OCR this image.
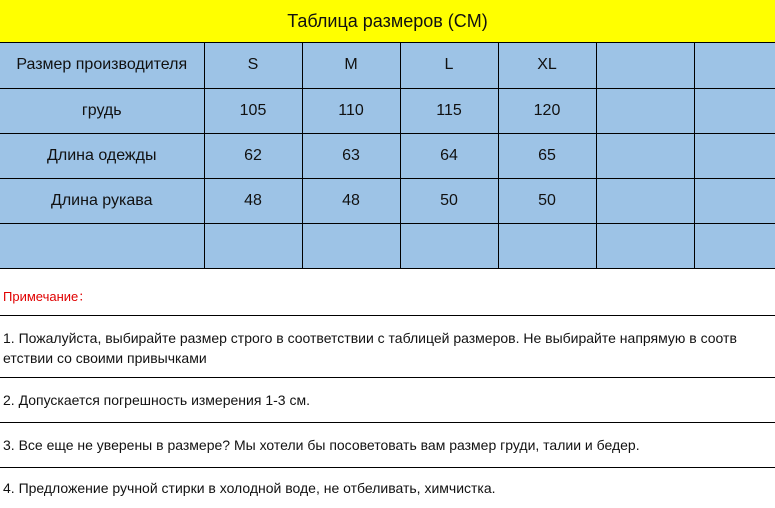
Таблица размеров (CM)
Размер производителя	S	M	L	XL		
грудь	105	110	115	120		
Длина одежды	62	63	64	65		
Длина рукава	48	48	50	50		

Примечание：
1. Пожалуйста, выбирайте размер строго в соответствии с таблицей размеров. Не выбирайте напрямую в соотв етствии со своими привычками
2. Допускается погрешность измерения 1-3 см.
3. Все еще не уверены в размере? Мы хотели бы посоветовать вам размер груди, талии и бедер.
4. Предложение ручной стирки в холодной воде, не отбеливать, химчистка.
